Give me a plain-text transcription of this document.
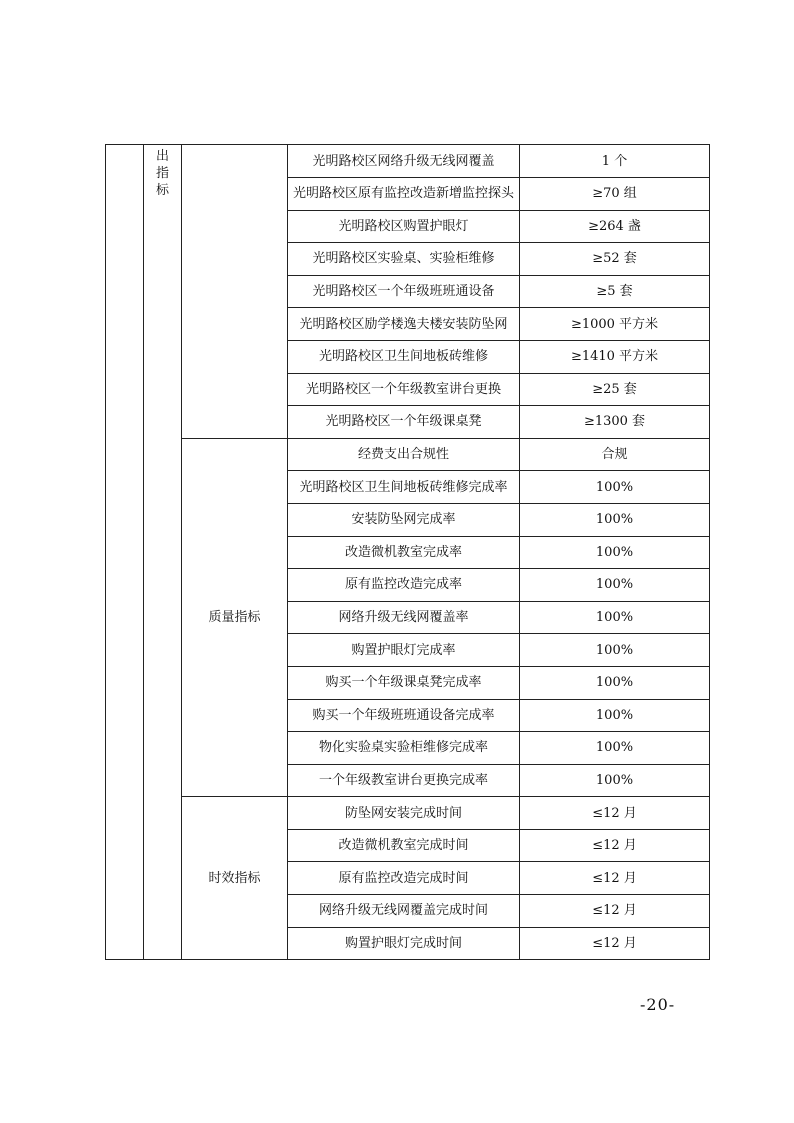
	出指标		光明路校区网络升级无线网覆盖	1 个
			光明路校区原有监控改造新增监控探头	≥70 组
			光明路校区购置护眼灯	≥264 盏
			光明路校区实验桌、实验柜维修	≥52 套
			光明路校区一个年级班班通设备	≥5 套
			光明路校区励学楼逸夫楼安装防坠网	≥1000 平方米
			光明路校区卫生间地板砖维修	≥1410 平方米
			光明路校区一个年级教室讲台更换	≥25 套
			光明路校区一个年级课桌凳	≥1300 套
		质量指标	经费支出合规性	合规
			光明路校区卫生间地板砖维修完成率	100%
			安装防坠网完成率	100%
			改造微机教室完成率	100%
			原有监控改造完成率	100%
			网络升级无线网覆盖率	100%
			购置护眼灯完成率	100%
			购买一个年级课桌凳完成率	100%
			购买一个年级班班通设备完成率	100%
			物化实验桌实验柜维修完成率	100%
			一个年级教室讲台更换完成率	100%
		时效指标	防坠网安装完成时间	≤12 月
			改造微机教室完成时间	≤12 月
			原有监控改造完成时间	≤12 月
			网络升级无线网覆盖完成时间	≤12 月
			购置护眼灯完成时间	≤12 月
-20-
